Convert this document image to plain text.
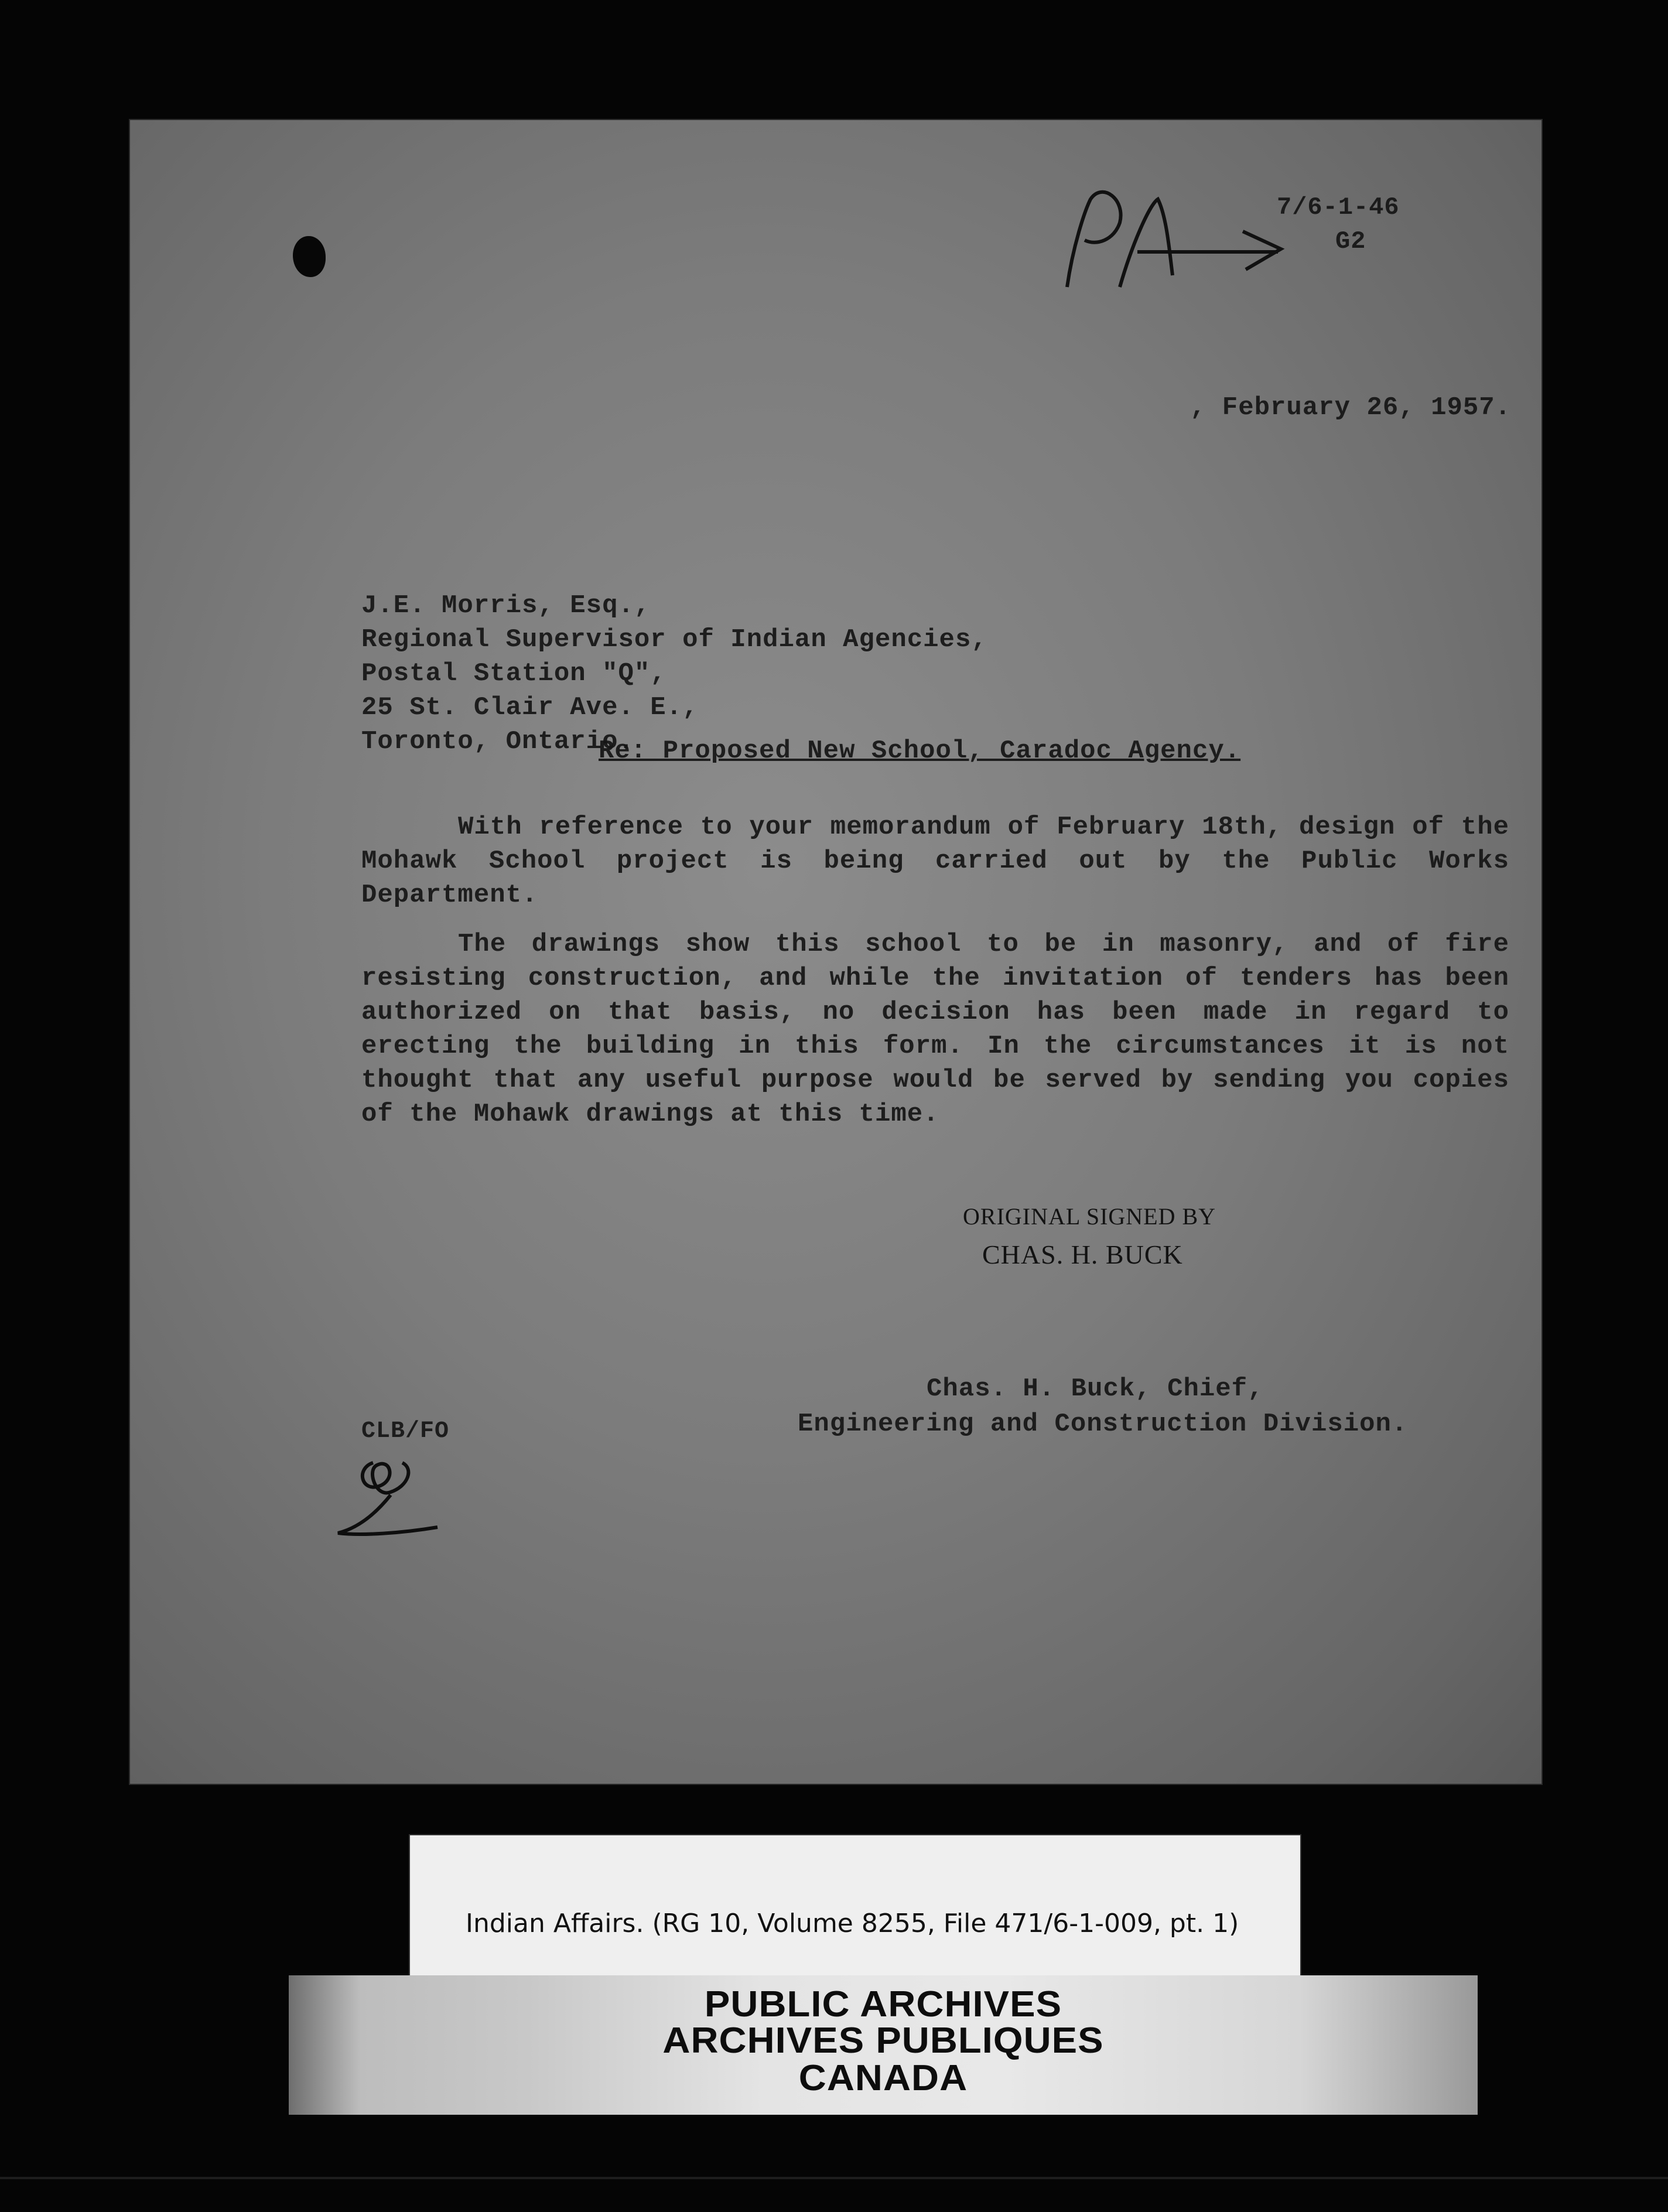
7/6-1-46
G2
, February 26, 1957.
J.E. Morris, Esq.,
Regional Supervisor of Indian Agencies,
Postal Station "Q",
25 St. Clair Ave. E.,
Toronto, Ontario.
Re: Proposed New School, Caradoc Agency.
With reference to your memorandum of February 18th, design of the Mohawk School project is being carried out by the Public Works Department.
The drawings show this school to be in masonry, and of fire resisting construction, and while the invitation of tenders has been authorized on that basis, no decision has been made in regard to erecting the building in this form. In the circumstances it is not thought that any useful purpose would be served by sending you copies of the Mohawk drawings at this time.
ORIGINAL SIGNED BY
CHAS. H. BUCK
Chas. H. Buck, Chief,
Engineering and Construction Division.
CLB/FO
Indian Affairs. (RG 10, Volume 8255, File 471/6-1-009, pt. 1)
PUBLIC ARCHIVES
ARCHIVES PUBLIQUES
CANADA
